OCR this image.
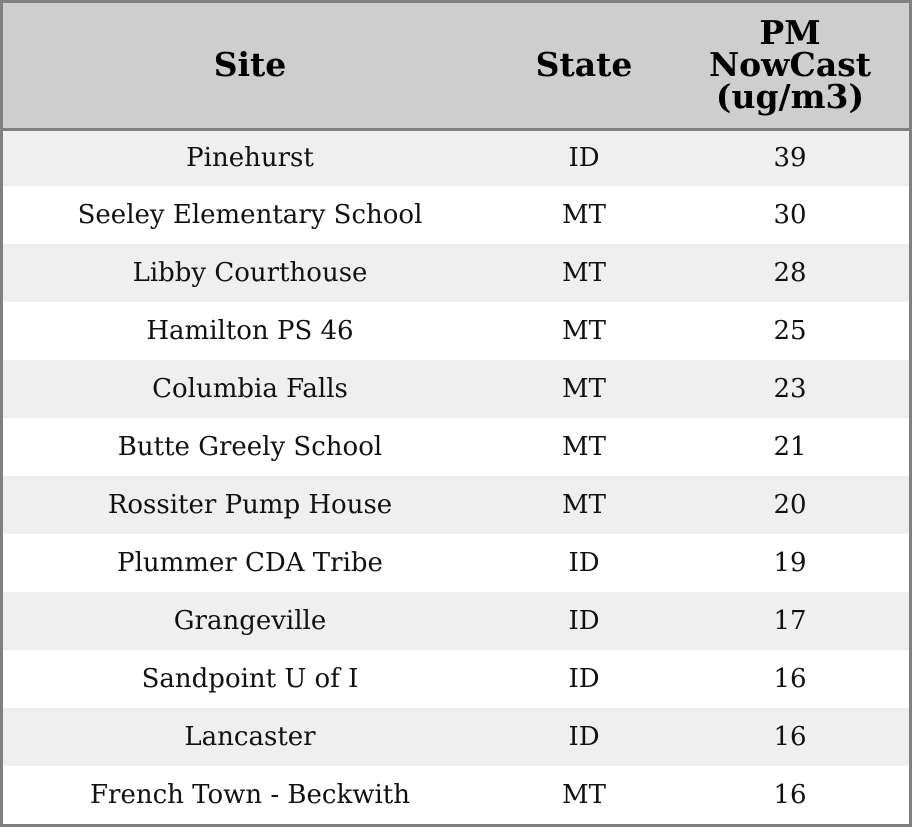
Site	State	PM
NowCast
(ug/m3)
Pinehurst	ID	39
Seeley Elementary School	MT	30
Libby Courthouse	MT	28
Hamilton PS 46	MT	25
Columbia Falls	MT	23
Butte Greely School	MT	21
Rossiter Pump House	MT	20
Plummer CDA Tribe	ID	19
Grangeville	ID	17
Sandpoint U of I	ID	16
Lancaster	ID	16
French Town - Beckwith	MT	16
